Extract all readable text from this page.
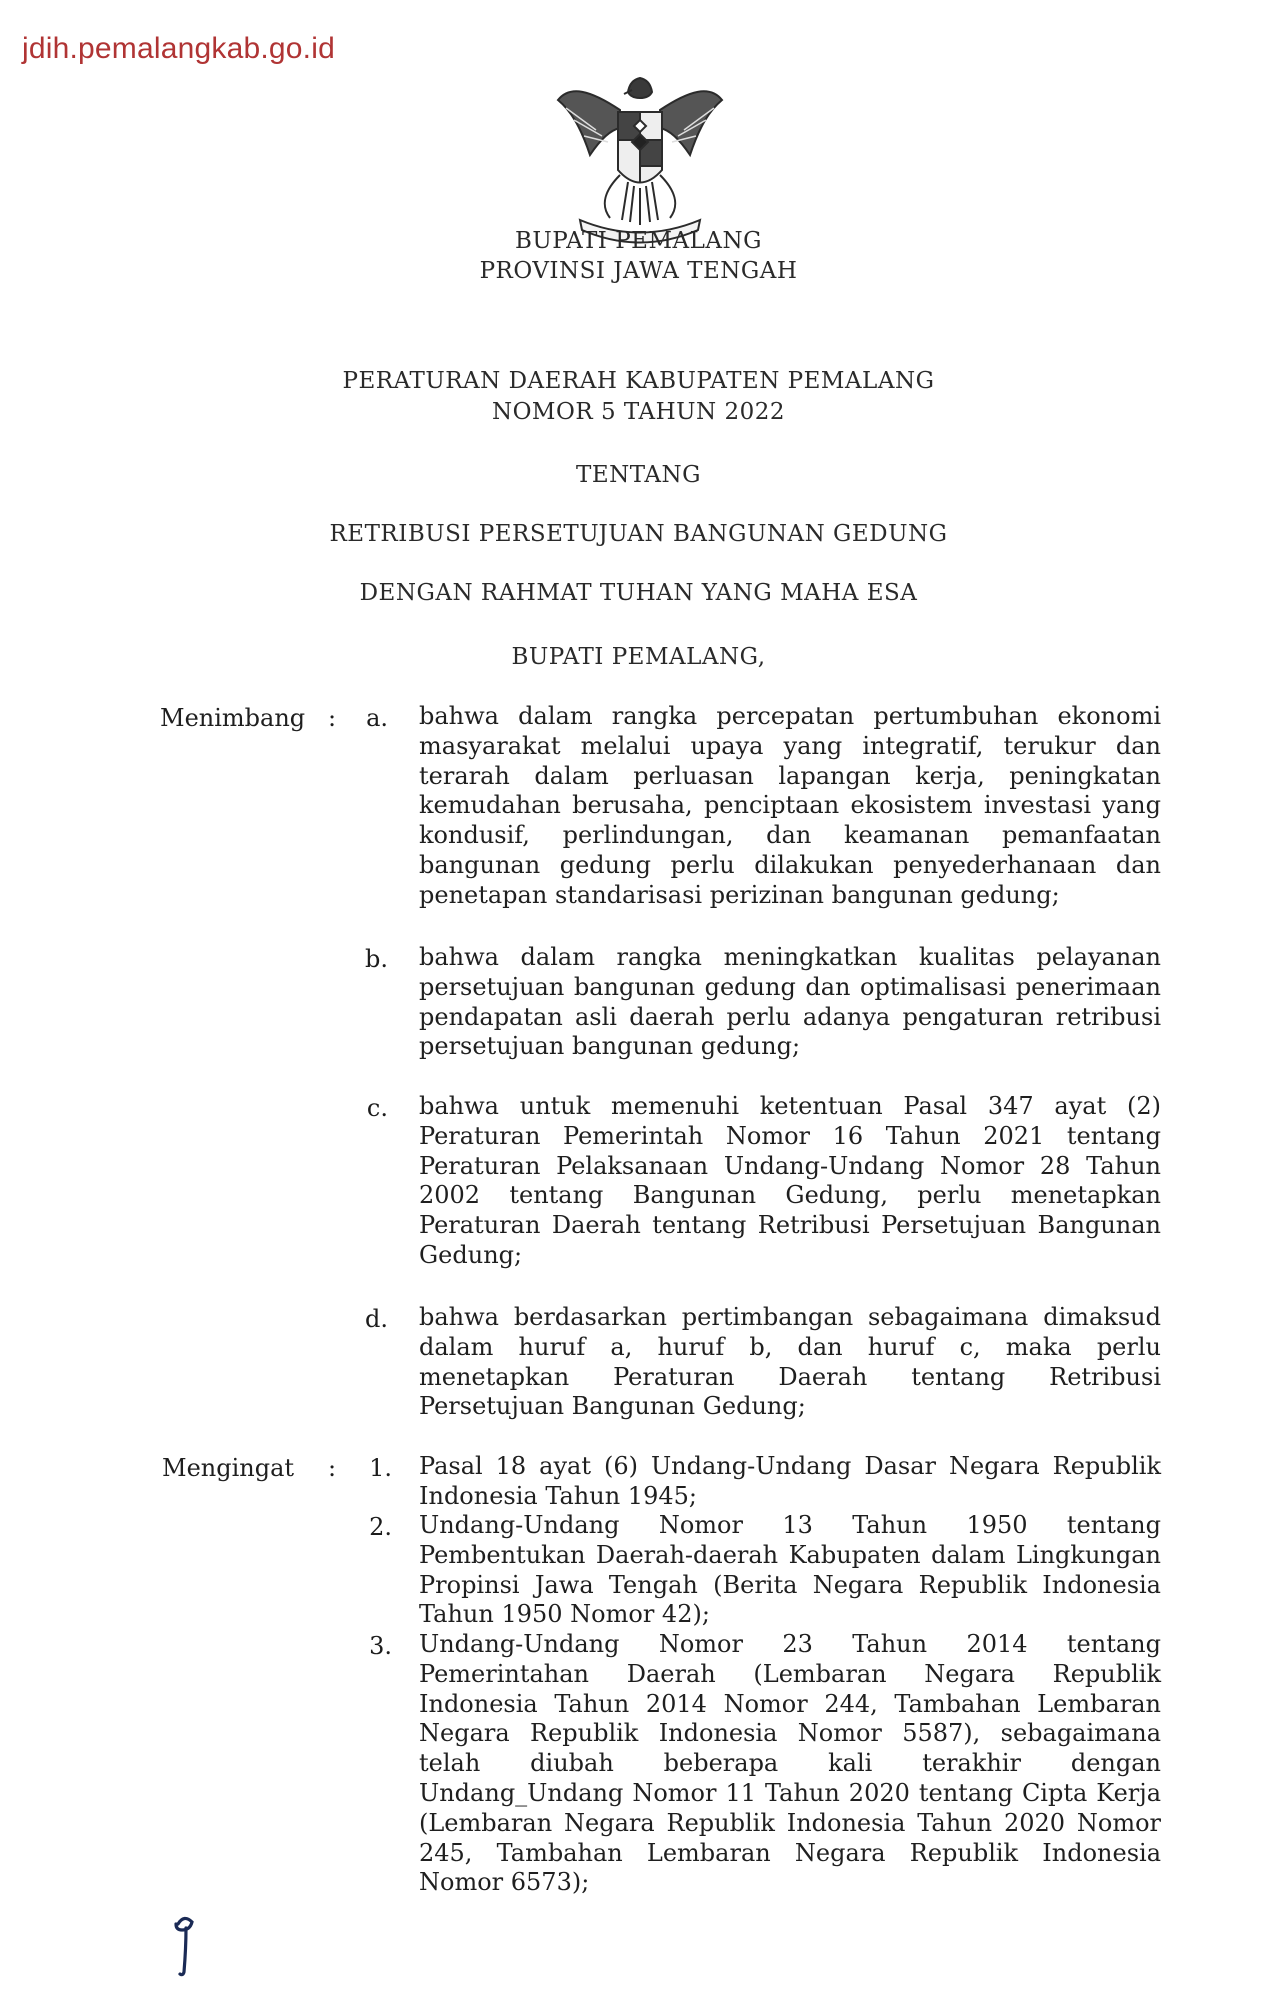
jdih.pemalangkab.go.id
BUPATI PEMALANG
PROVINSI JAWA TENGAH
PERATURAN DAERAH KABUPATEN PEMALANG
NOMOR 5 TAHUN 2022
TENTANG
RETRIBUSI PERSETUJUAN BANGUNAN GEDUNG
DENGAN RAHMAT TUHAN YANG MAHA ESA
BUPATI PEMALANG,
Menimbang :	a. bahwa dalam rangka percepatan pertumbuhan ekonomi masyarakat melalui upaya yang integratif, terukur dan terarah dalam perluasan lapangan kerja, peningkatan kemudahan berusaha, penciptaan ekosistem investasi yang kondusif, perlindungan, dan keamanan pemanfaatan bangunan gedung perlu dilakukan penyederhanaan dan penetapan standarisasi perizinan bangunan gedung;
b. bahwa dalam rangka meningkatkan kualitas pelayanan persetujuan bangunan gedung dan optimalisasi penerimaan pendapatan asli daerah perlu adanya pengaturan retribusi persetujuan bangunan gedung;
c. bahwa untuk memenuhi ketentuan Pasal 347 ayat (2) Peraturan Pemerintah Nomor 16 Tahun 2021 tentang Peraturan Pelaksanaan Undang-Undang Nomor 28 Tahun 2002 tentang Bangunan Gedung, perlu menetapkan Peraturan Daerah tentang Retribusi Persetujuan Bangunan Gedung;
d. bahwa berdasarkan pertimbangan sebagaimana dimaksud dalam huruf a, huruf b, dan huruf c, maka perlu menetapkan Peraturan Daerah tentang Retribusi Persetujuan Bangunan Gedung;
Mengingat :	1. Pasal 18 ayat (6) Undang-Undang Dasar Negara Republik Indonesia Tahun 1945;
2. Undang-Undang Nomor 13 Tahun 1950 tentang Pembentukan Daerah-daerah Kabupaten dalam Lingkungan Propinsi Jawa Tengah (Berita Negara Republik Indonesia Tahun 1950 Nomor 42);
3. Undang-Undang Nomor 23 Tahun 2014 tentang Pemerintahan Daerah (Lembaran Negara Republik Indonesia Tahun 2014 Nomor 244, Tambahan Lembaran Negara Republik Indonesia Nomor 5587), sebagaimana telah diubah beberapa kali terakhir dengan Undang_Undang Nomor 11 Tahun 2020 tentang Cipta Kerja (Lembaran Negara Republik Indonesia Tahun 2020 Nomor 245, Tambahan Lembaran Negara Republik Indonesia Nomor 6573);
